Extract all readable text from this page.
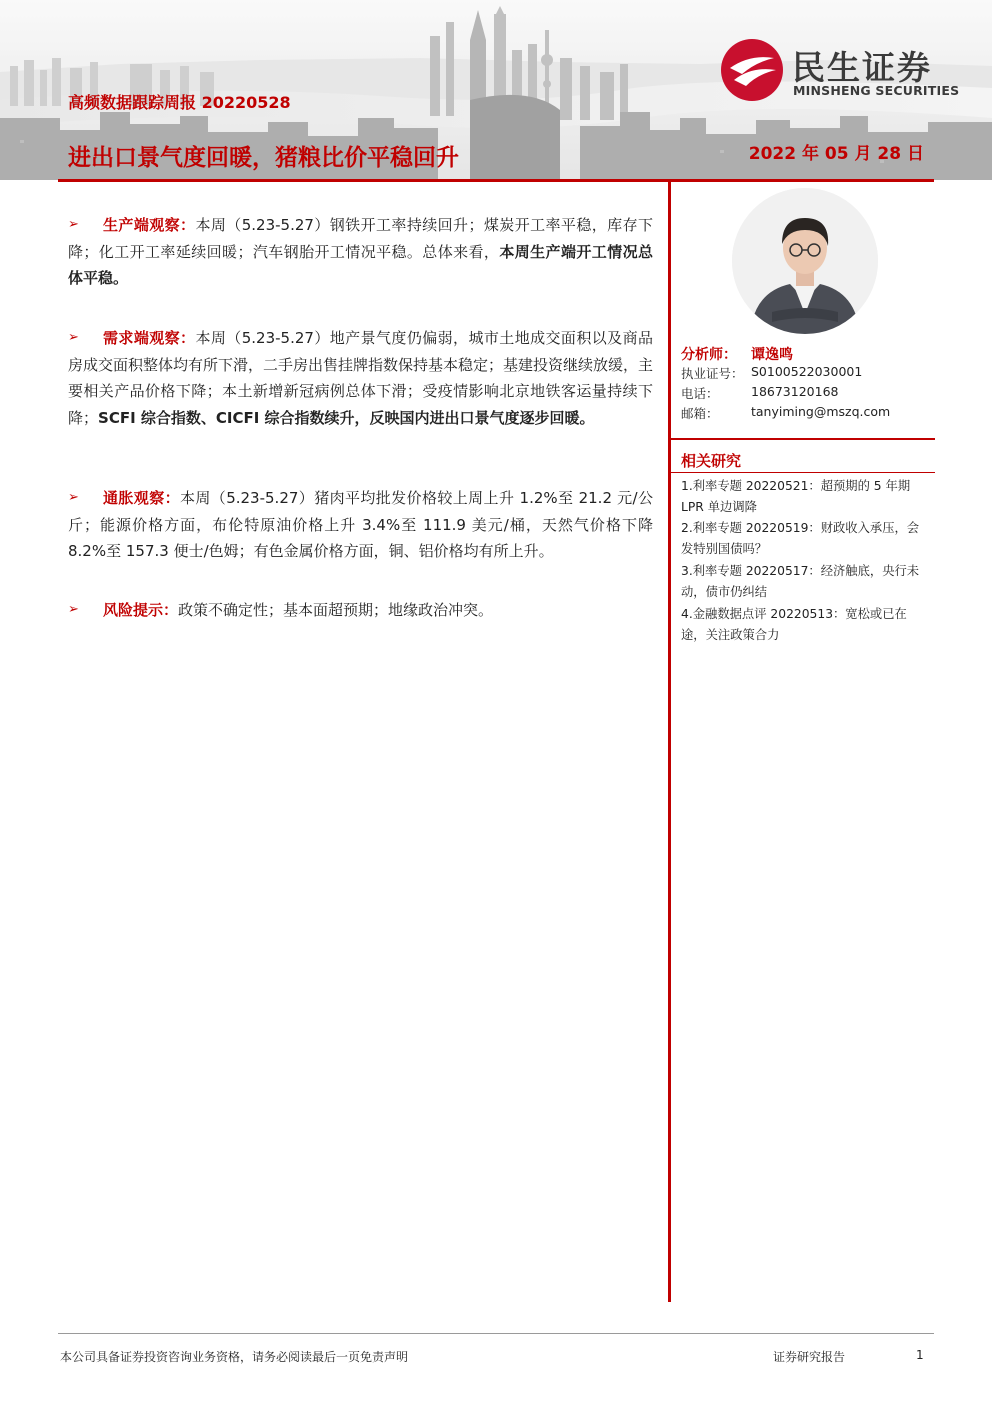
民生证券
MINSHENG SECURITIES
高频数据跟踪周报 20220528
进出口景气度回暖，猪粮比价平稳回升	2022 年 05 月 28 日
➢	生产端观察：本周（5.23-5.27）钢铁开工率持续回升；煤炭开工率平稳，库存下降；化工开工率延续回暖；汽车钢胎开工情况平稳。总体来看，本周生产端开工情况总体平稳。
➢	需求端观察：本周（5.23-5.27）地产景气度仍偏弱，城市土地成交面积以及商品房成交面积整体均有所下滑，二手房出售挂牌指数保持基本稳定；基建投资继续放缓，主要相关产品价格下降；本土新增新冠病例总体下滑；受疫情影响北京地铁客运量持续下降；SCFI 综合指数、CICFI 综合指数续升，反映国内进出口景气度逐步回暖。
➢	通胀观察：本周（5.23-5.27）猪肉平均批发价格较上周上升 1.2%至 21.2 元/公斤；能源价格方面，布伦特原油价格上升 3.4%至 111.9 美元/桶，天然气价格下降 8.2%至 157.3 便士/色姆；有色金属价格方面，铜、铝价格均有所上升。
➢	风险提示：政策不确定性；基本面超预期；地缘政治冲突。
分析师： 谭逸鸣
执业证号： S0100522030001
电话：	18673120168
邮箱：	tanyiming@mszq.com
相关研究
1.利率专题 20220521：超预期的 5 年期 LPR 单边调降
2.利率专题 20220519：财政收入承压，会发特别国债吗？
3.利率专题 20220517：经济触底，央行未动，债市仍纠结
4.金融数据点评 20220513：宽松或已在途，关注政策合力
本公司具备证券投资咨询业务资格，请务必阅读最后一页免责声明	证券研究报告	1
